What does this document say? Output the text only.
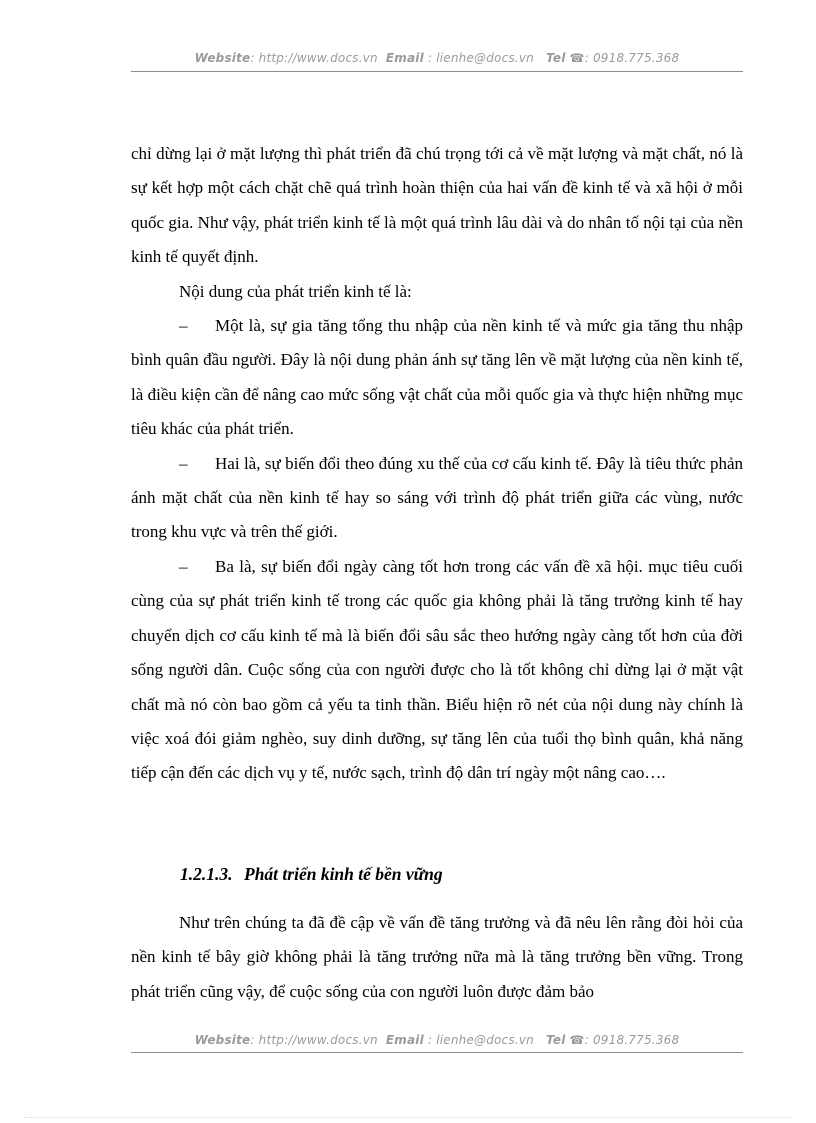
Website: http://www.docs.vn Email : lienhe@docs.vn Tel ☎: 0918.775.368

chỉ dừng lại ở mặt lượng thì phát triển đã chú trọng tới cả về mặt lượng và mặt chất, nó là sự kết hợp một cách chặt chẽ quá trình hoàn thiện của hai vấn đề kinh tế và xã hội ở mỗi quốc gia. Như vậy, phát triển kinh tế là một quá trình lâu dài và do nhân tố nội tại của nền kinh tế quyết định.

Nội dung của phát triển kinh tế là:

– Một là, sự gia tăng tổng thu nhập của nền kinh tế và mức gia tăng thu nhập bình quân đầu người. Đây là nội dung phản ánh sự tăng lên về mặt lượng của nền kinh tế, là điều kiện cần để nâng cao mức sống vật chất của mỗi quốc gia và thực hiện những mục tiêu khác của phát triển.

– Hai là, sự biến đổi theo đúng xu thế của cơ cấu kinh tế. Đây là tiêu thức phản ánh mặt chất của nền kinh tế hay so sáng với trình độ phát triển giữa các vùng, nước trong khu vực và trên thế giới.

– Ba là, sự biến đổi ngày càng tốt hơn trong các vấn đề xã hội. mục tiêu cuối cùng của sự phát triển kinh tế trong các quốc gia không phải là tăng trưởng kinh tế hay chuyển dịch cơ cấu kinh tế mà là biến đổi sâu sắc theo hướng ngày càng tốt hơn của đời sống người dân. Cuộc sống của con người được cho là tốt không chỉ dừng lại ở mặt vật chất mà nó còn bao gồm cả yếu ta tinh thần. Biểu hiện rõ nét của nội dung này chính là việc xoá đói giảm nghèo, suy dinh dưỡng, sự tăng lên của tuổi thọ bình quân, khả năng tiếp cận đến các dịch vụ y tế, nước sạch, trình độ dân trí ngày một nâng cao….

1.2.1.3. Phát triển kinh tế bền vững

Như trên chúng ta đã đề cập về vấn đề tăng trưởng và đã nêu lên rằng đòi hỏi của nền kinh tế bây giờ không phải là tăng trưởng nữa mà là tăng trưởng bền vững. Trong phát triển cũng vậy, để cuộc sống của con người luôn được đảm bảo

Website: http://www.docs.vn Email : lienhe@docs.vn Tel ☎: 0918.775.368
